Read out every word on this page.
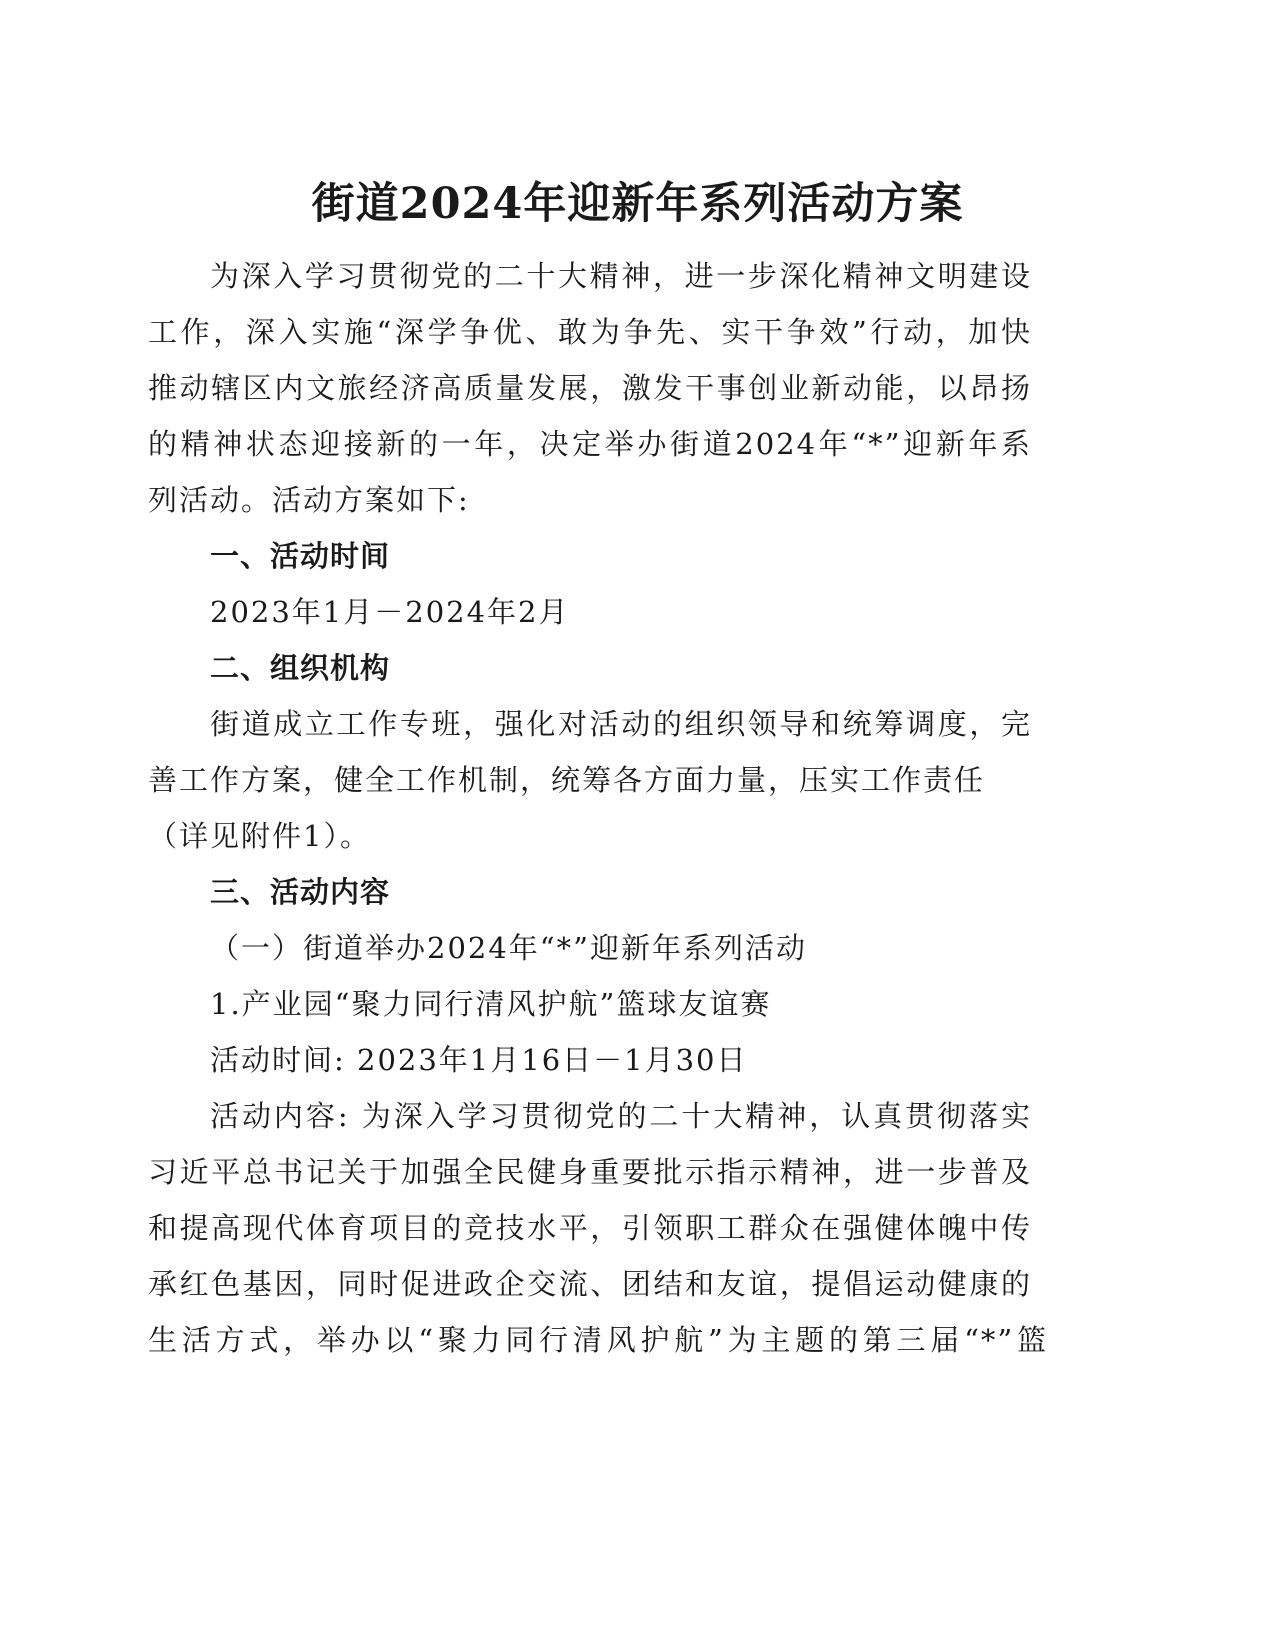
街道2024年迎新年系列活动方案
为深入学习贯彻党的二十大精神，进一步深化精神文明建设
工作，深入实施“深学争优、敢为争先、实干争效”行动，加快
推动辖区内文旅经济高质量发展，激发干事创业新动能，以昂扬
的精神状态迎接新的一年，决定举办街道2024年“*”迎新年系
列活动。活动方案如下:
一、活动时间
2023年1月－2024年2月
二、组织机构
街道成立工作专班，强化对活动的组织领导和统筹调度，完
善工作方案，健全工作机制，统筹各方面力量，压实工作责任
（详见附件1）。
三、活动内容
（一）街道举办2024年“*”迎新年系列活动
1.产业园“聚力同行清风护航”篮球友谊赛
活动时间: 2023年1月16日－1月30日
活动内容: 为深入学习贯彻党的二十大精神，认真贯彻落实
习近平总书记关于加强全民健身重要批示指示精神，进一步普及
和提高现代体育项目的竞技水平，引领职工群众在强健体魄中传
承红色基因，同时促进政企交流、团结和友谊，提倡运动健康的
生活方式，举办以“聚力同行清风护航”为主题的第三届“*”篮
